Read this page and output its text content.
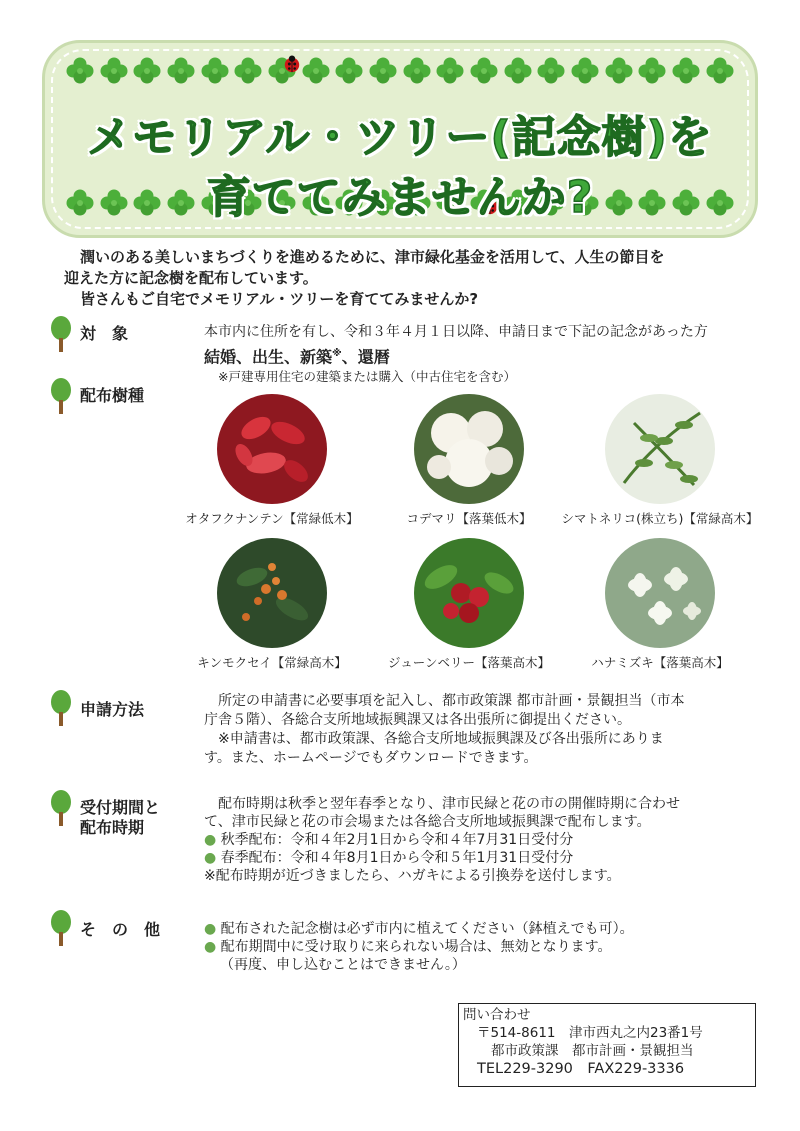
メモリアル・ツリー(記念樹)を
育ててみませんか?

潤いのある美しいまちづくりを進めるために、津市緑化基金を活用して、人生の節目を

迎えた方に記念樹を配布しています。

皆さんもご自宅でメモリアル・ツリーを育ててみませんか?

対　象	本市内に住所を有し、令和３年４月１日以降、申請日まで下記の記念があった方
結婚、出生、新築※、還暦
※戸建専用住宅の建築または購入（中古住宅を含む）
配布樹種
オタフクナンテン【常緑低木】	コデマリ【落葉低木】	シマトネリコ(株立ち)【常緑高木】
キンモクセイ【常緑高木】	ジューンベリー【落葉高木】	ハナミズキ【落葉高木】
申請方法	所定の申請書に必要事項を記入し、都市政策課 都市計画・景観担当（市本
庁舎５階）、各総合支所地域振興課又は各出張所に御提出ください。
※申請書は、都市政策課、各総合支所地域振興課及び各出張所にありま
す。また、ホームページでもダウンロードできます。
受付期間と
配布時期
配布時期は秋季と翌年春季となり、津市民緑と花の市の開催時期に合わせ
て、津市民緑と花の市会場または各総合支所地域振興課で配布します。
● 秋季配布：令和４年2月1日から令和４年7月31日受付分
● 春季配布：令和４年8月1日から令和５年1月31日受付分
※配布時期が近づきましたら、ハガキによる引換券を送付します。
そ　の　他	● 配布された記念樹は必ず市内に植えてください（鉢植えでも可）。
● 配布期間中に受け取りに来られない場合は、無効となります。
（再度、申し込むことはできません。）
問い合わせ
〒514-8611　津市西丸之内23番1号
都市政策課　都市計画・景観担当
TEL229-3290　FAX229-3336
